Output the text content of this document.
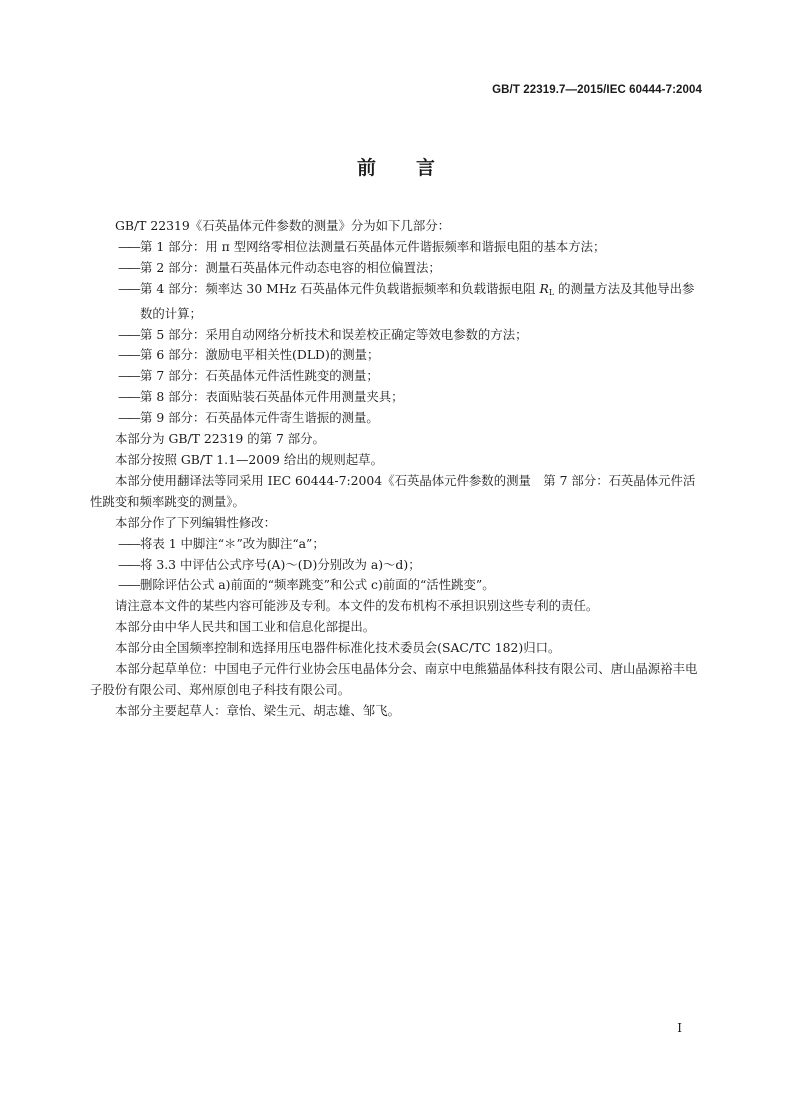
GB/T 22319.7—2015/IEC 60444-7:2004
前言

GB/T 22319《石英晶体元件参数的测量》分为如下几部分：

——第 1 部分：用 π 型网络零相位法测量石英晶体元件谐振频率和谐振电阻的基本方法；

——第 2 部分：测量石英晶体元件动态电容的相位偏置法；

——第 4 部分：频率达 30 MHz 石英晶体元件负载谐振频率和负载谐振电阻 $R_L$ 的测量方法及其他导出参数的计算；

——第 5 部分：采用自动网络分析技术和误差校正确定等效电参数的方法；

——第 6 部分：激励电平相关性(DLD)的测量；

——第 7 部分：石英晶体元件活性跳变的测量；

——第 8 部分：表面贴装石英晶体元件用测量夹具；

——第 9 部分：石英晶体元件寄生谐振的测量。

本部分为 GB/T 22319 的第 7 部分。

本部分按照 GB/T 1.1—2009 给出的规则起草。

本部分使用翻译法等同采用 IEC 60444-7:2004《石英晶体元件参数的测量　第 7 部分：石英晶体元件活性跳变和频率跳变的测量》。

本部分作了下列编辑性修改：

——将表 1 中脚注“＊”改为脚注“a”；

——将 3.3 中评估公式序号(A)～(D)分别改为 a)～d)；

——删除评估公式 a)前面的“频率跳变”和公式 c)前面的“活性跳变”。

请注意本文件的某些内容可能涉及专利。本文件的发布机构不承担识别这些专利的责任。

本部分由中华人民共和国工业和信息化部提出。

本部分由全国频率控制和选择用压电器件标准化技术委员会(SAC/TC 182)归口。

本部分起草单位：中国电子元件行业协会压电晶体分会、南京中电熊猫晶体科技有限公司、唐山晶源裕丰电子股份有限公司、郑州原创电子科技有限公司。

本部分主要起草人：章怡、梁生元、胡志雄、邹飞。

I
